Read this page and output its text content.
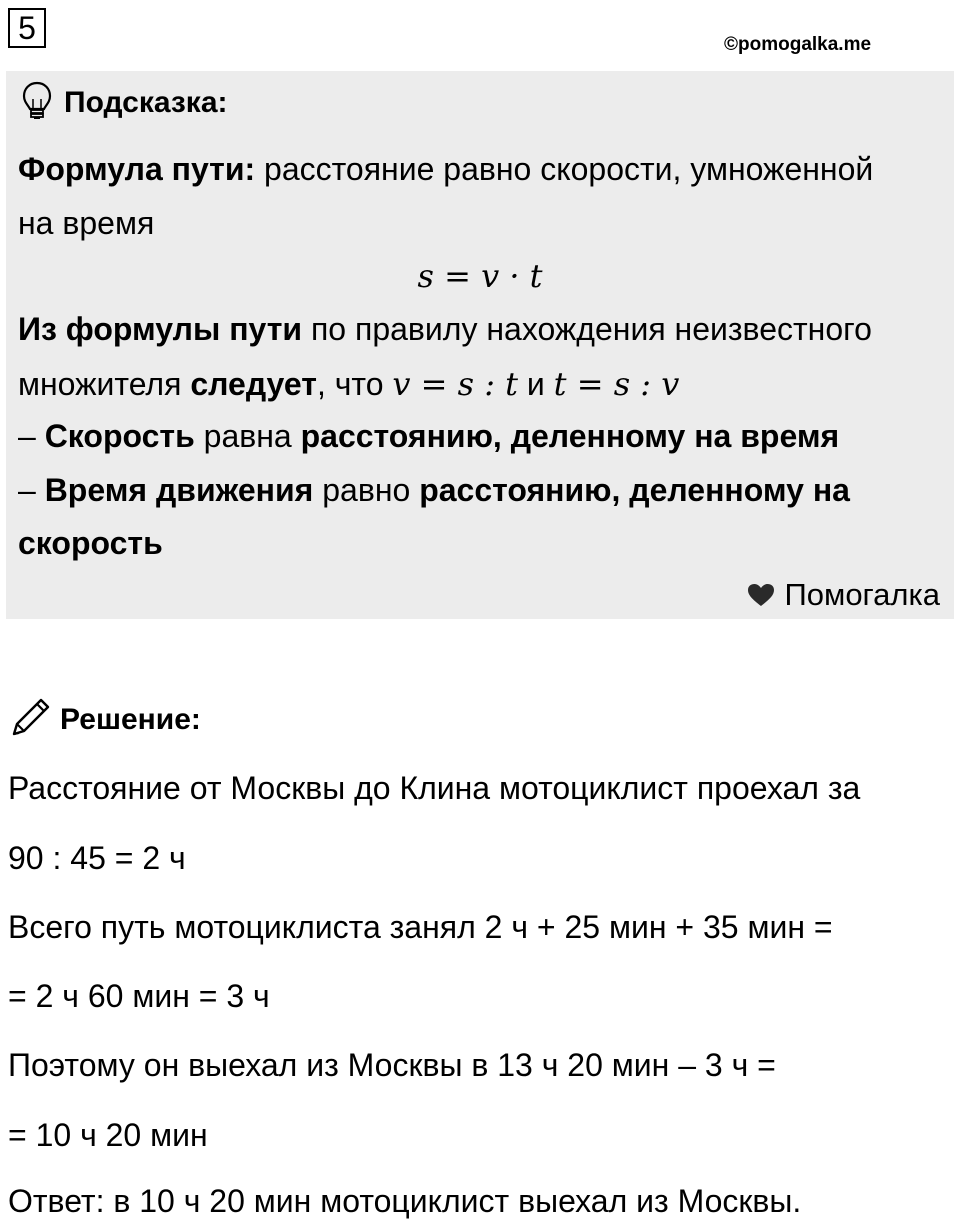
5	©pomogalka.me
Подсказка:
Формула пути: расстояние равно скорости, умноженной
на время
s = v · t
Из формулы пути по правилу нахождения неизвестного
множителя следует, что v = s : t и t = s : v
– Скорость равна расстоянию, деленному на время
– Время движения равно расстоянию, деленному на
скорость
Помогалка
Решение:
Расстояние от Москвы до Клина мотоциклист проехал за
90 : 45 = 2 ч
Всего путь мотоциклиста занял 2 ч + 25 мин + 35 мин =
= 2 ч 60 мин = 3 ч
Поэтому он выехал из Москвы в 13 ч 20 мин – 3 ч =
= 10 ч 20 мин
Ответ: в 10 ч 20 мин мотоциклист выехал из Москвы.
